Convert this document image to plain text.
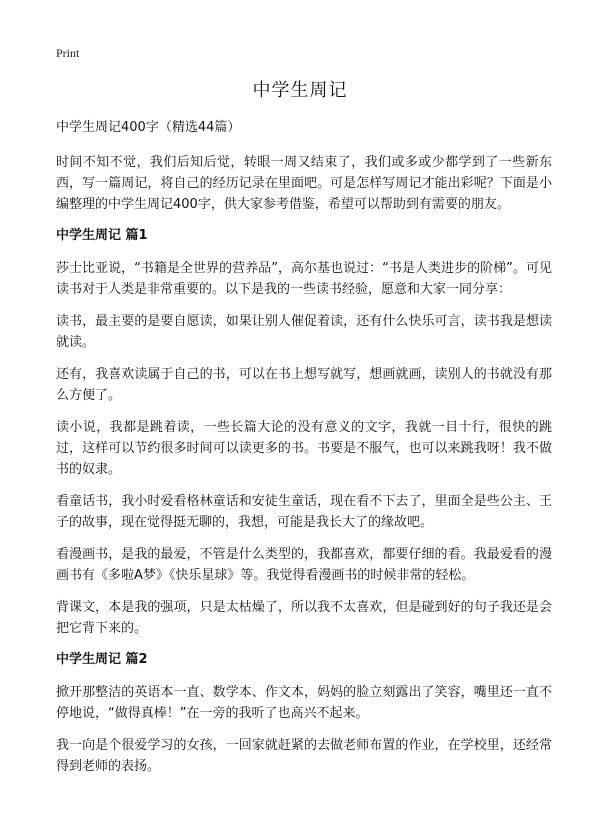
Print
中学生周记

中学生周记400字（精选44篇）

时间不知不觉，我们后知后觉，转眼一周又结束了，我们或多或少都学到了一些新东西，写一篇周记，将自己的经历记录在里面吧。可是怎样写周记才能出彩呢？下面是小编整理的中学生周记400字，供大家参考借鉴，希望可以帮助到有需要的朋友。

中学生周记 篇1

莎士比亚说，“书籍是全世界的营养品”，高尔基也说过：“书是人类进步的阶梯”。可见读书对于人类是非常重要的。以下是我的一些读书经验，愿意和大家一同分享：

读书，最主要的是要自愿读，如果让别人催促着读，还有什么快乐可言，读书我是想读就读。

还有，我喜欢读属于自己的书，可以在书上想写就写，想画就画，读别人的书就没有那么方便了。

读小说，我都是跳着读，一些长篇大论的没有意义的文字，我就一目十行，很快的跳过，这样可以节约很多时间可以读更多的书。书要是不服气，也可以来跳我呀！我不做书的奴隶。

看童话书，我小时爱看格林童话和安徒生童话，现在看不下去了，里面全是些公主、王子的故事，现在觉得挺无聊的，我想，可能是我长大了的缘故吧。

看漫画书，是我的最爱，不管是什么类型的，我都喜欢，都要仔细的看。我最爱看的漫画书有《多啦A梦》《快乐星球》等。我觉得看漫画书的时候非常的轻松。

背课文，本是我的强项，只是太枯燥了，所以我不太喜欢，但是碰到好的句子我还是会把它背下来的。

中学生周记 篇2

掀开那整洁的英语本一直、数学本、作文本，妈妈的脸立刻露出了笑容，嘴里还一直不停地说，“做得真棒！”在一旁的我听了也高兴不起来。

我一向是个很爱学习的女孩，一回家就赶紧的去做老师布置的作业，在学校里，还经常得到老师的表扬。
